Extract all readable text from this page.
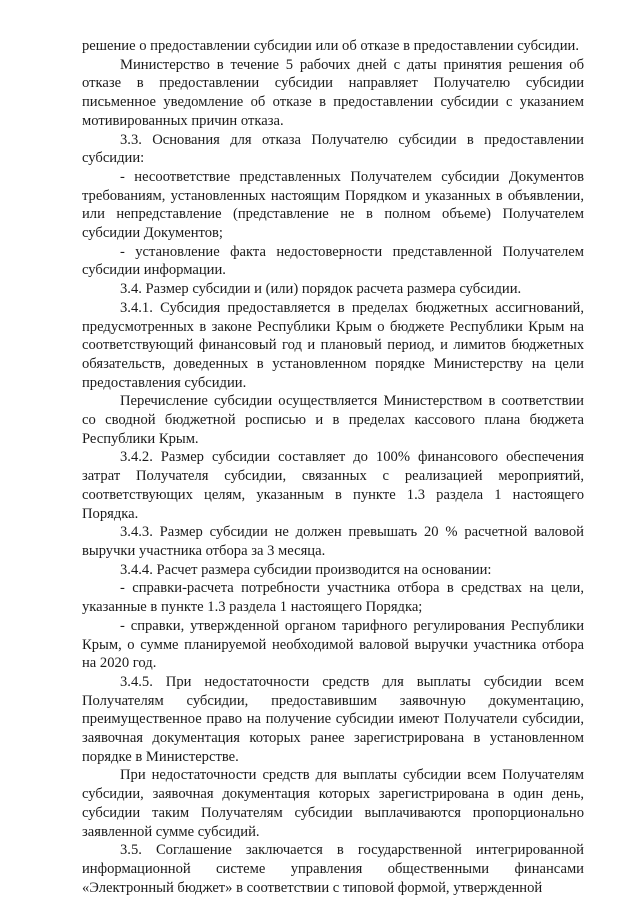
решение о предоставлении субсидии или об отказе в предоставлении субсидии.

Министерство в течение 5 рабочих дней с даты принятия решения об отказе в предоставлении субсидии направляет Получателю субсидии письменное уведомление об отказе в предоставлении субсидии с указанием мотивированных причин отказа.

3.3. Основания для отказа Получателю субсидии в предоставлении субсидии:

- несоответствие представленных Получателем субсидии Документов требованиям, установленных настоящим Порядком и указанных в объявлении, или непредставление (представление не в полном объеме) Получателем субсидии Документов;

- установление факта недостоверности представленной Получателем субсидии информации.

3.4. Размер субсидии и (или) порядок расчета размера субсидии.

3.4.1. Субсидия предоставляется в пределах бюджетных ассигнований, предусмотренных в законе Республики Крым о бюджете Республики Крым на соответствующий финансовый год и плановый период, и лимитов бюджетных обязательств, доведенных в установленном порядке Министерству на цели предоставления субсидии.

Перечисление субсидии осуществляется Министерством в соответствии со сводной бюджетной росписью и в пределах кассового плана бюджета Республики Крым.

3.4.2. Размер субсидии составляет до 100% финансового обеспечения затрат Получателя субсидии, связанных с реализацией мероприятий, соответствующих целям, указанным в пункте 1.3 раздела 1 настоящего Порядка.

3.4.3. Размер субсидии не должен превышать 20 % расчетной валовой выручки участника отбора за 3 месяца.

3.4.4. Расчет размера субсидии производится на основании:

- справки-расчета потребности участника отбора в средствах на цели, указанные в пункте 1.3 раздела 1 настоящего Порядка;

- справки, утвержденной органом тарифного регулирования Республики Крым, о сумме планируемой необходимой валовой выручки участника отбора на 2020 год.

3.4.5. При недостаточности средств для выплаты субсидии всем Получателям субсидии, предоставившим заявочную документацию, преимущественное право на получение субсидии имеют Получатели субсидии, заявочная документация которых ранее зарегистрирована в установленном порядке в Министерстве.

При недостаточности средств для выплаты субсидии всем Получателям субсидии, заявочная документация которых зарегистрирована в один день, субсидии таким Получателям субсидии выплачиваются пропорционально заявленной сумме субсидий.

3.5. Соглашение заключается в государственной интегрированной информационной системе управления общественными финансами «Электронный бюджет» в соответствии с типовой формой, утвержденной
